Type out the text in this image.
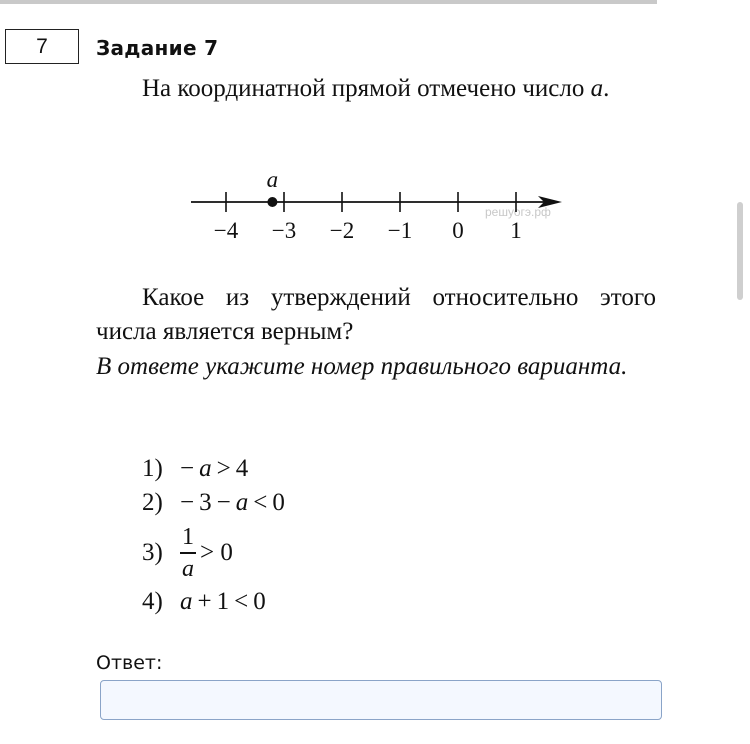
7 Задание 7
На координатной прямой отмечено число a.
решуогэ.рф
−4 −3 −2 −1 0 1
a
Какое из утверждений относительно этого числа является верным?
В ответе укажите номер правильного варианта.
1) − a > 4
2) − 3 − a < 0
$3) \frac{1}{a} > 0$
4) a + 1 < 0
Ответ:
